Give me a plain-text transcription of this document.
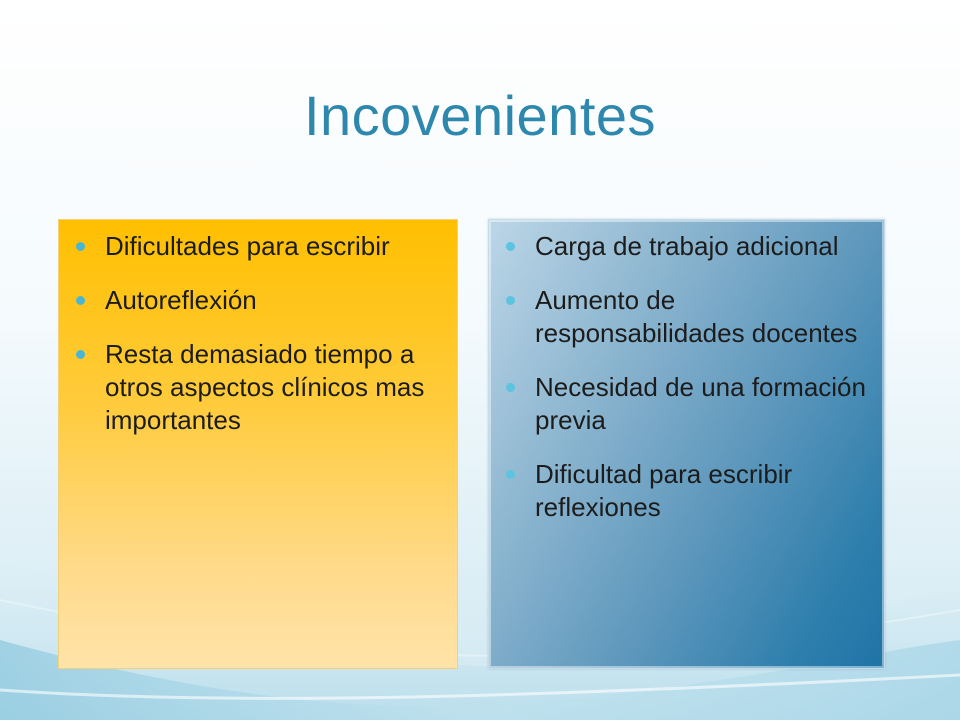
Incovenientes
Dificultades para escribir
Autoreflexión
Resta demasiado tiempo a otros aspectos clínicos mas importantes
Carga de trabajo adicional
Aumento de responsabilidades docentes
Necesidad de una formación previa
Dificultad para escribir reflexiones
